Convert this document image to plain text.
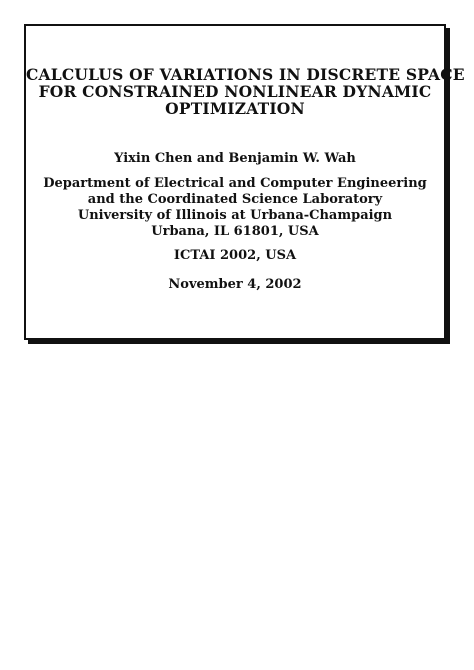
CALCULUS OF VARIATIONS IN DISCRETE SPACE
FOR CONSTRAINED NONLINEAR DYNAMIC
OPTIMIZATION
Yixin Chen and Benjamin W. Wah
Department of Electrical and Computer Engineering
and the Coordinated Science Laboratory
University of Illinois at Urbana-Champaign
Urbana, IL 61801, USA
ICTAI 2002, USA
November 4, 2002
